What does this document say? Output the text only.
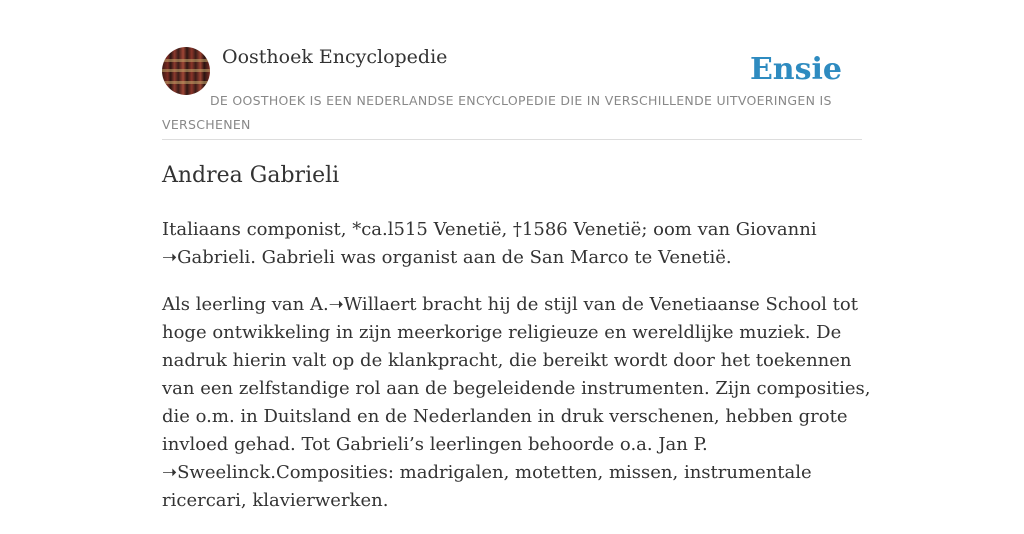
Oosthoek Encyclopedie	Ensie
DE OOSTHOEK IS EEN NEDERLANDSE ENCYCLOPEDIE DIE IN VERSCHILLENDE UITVOERINGEN IS VERSCHENEN
Andrea Gabrieli

Italiaans componist, *ca.l515 Venetië, †1586 Venetië; oom van Giovanni ➝Gabrieli. Gabrieli was organist aan de San Marco te Venetië.

Als leerling van A.➝Willaert bracht hij de stijl van de Venetiaanse School tot hoge ontwikkeling in zijn meerkorige religieuze en wereldlijke muziek. De nadruk hierin valt op de klankpracht, die bereikt wordt door het toekennen van een zelfstandige rol aan de begeleidende instrumenten. Zijn composities, die o.m. in Duitsland en de Nederlanden in druk verschenen, hebben grote invloed gehad. Tot Gabrieli’s leerlingen behoorde o.a. Jan P. ➝Sweelinck.Composities: madrigalen, motetten, missen, instrumentale ricercari, klavierwerken.
